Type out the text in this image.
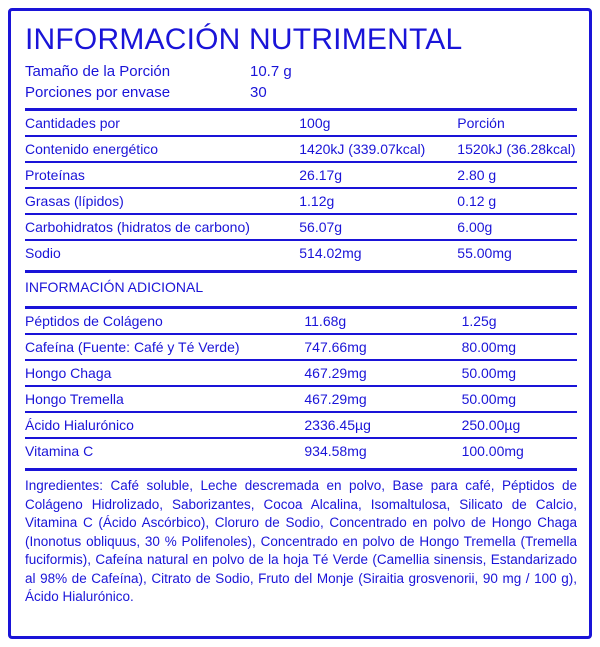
INFORMACIÓN NUTRIMENTAL
Tamaño de la Porción	10.7 g
Porciones por envase	30
Cantidades por	100g	Porción
Contenido energético	1420kJ (339.07kcal)	1520kJ (36.28kcal)
Proteínas	26.17g	2.80 g
Grasas (lípidos)	1.12g	0.12 g
Carbohidratos (hidratos de carbono)	56.07g	6.00g
Sodio	514.02mg	55.00mg
INFORMACIÓN ADICIONAL
Péptidos de Colágeno	11.68g	1.25g
Cafeína (Fuente: Café y Té Verde)	747.66mg	80.00mg
Hongo Chaga	467.29mg	50.00mg
Hongo Tremella	467.29mg	50.00mg
Ácido Hialurónico	2336.45µg	250.00µg
Vitamina C	934.58mg	100.00mg
Ingredientes: Café soluble, Leche descremada en polvo, Base para café, Péptidos de Colágeno Hidrolizado, Saborizantes, Cocoa Alcalina, Isomaltulosa, Silicato de Calcio, Vitamina C (Ácido Ascórbico), Cloruro de Sodio, Concentrado en polvo de Hongo Chaga (Inonotus obliquus, 30 % Polifenoles), Concentrado en polvo de Hongo Tremella (Tremella fuciformis), Cafeína natural en polvo de la hoja Té Verde (Camellia sinensis, Estandarizado al 98% de Cafeína), Citrato de Sodio, Fruto del Monje (Siraitia grosvenorii, 90 mg / 100 g), Ácido Hialurónico.
